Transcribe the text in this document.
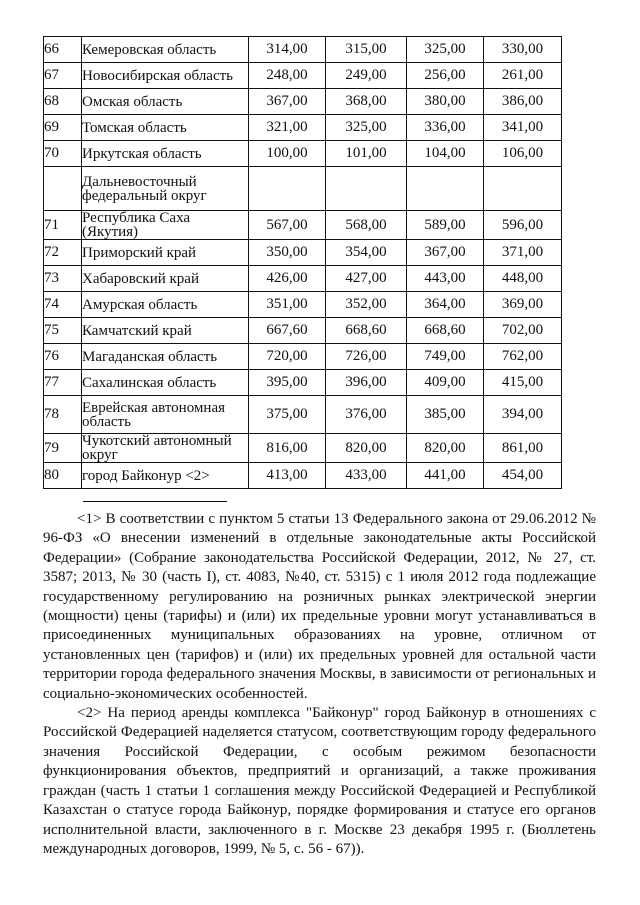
66	Кемеровская область	314,00	315,00	325,00	330,00
67	Новосибирская область	248,00	249,00	256,00	261,00
68	Омская область	367,00	368,00	380,00	386,00
69	Томская область	321,00	325,00	336,00	341,00
70	Иркутская область	100,00	101,00	104,00	106,00
	Дальневосточный федеральный округ				
71	Республика Саха (Якутия)	567,00	568,00	589,00	596,00
72	Приморский край	350,00	354,00	367,00	371,00
73	Хабаровский край	426,00	427,00	443,00	448,00
74	Амурская область	351,00	352,00	364,00	369,00
75	Камчатский край	667,60	668,60	668,60	702,00
76	Магаданская область	720,00	726,00	749,00	762,00
77	Сахалинская область	395,00	396,00	409,00	415,00
78	Еврейская автономная область	375,00	376,00	385,00	394,00
79	Чукотский автономный округ	816,00	820,00	820,00	861,00
80	город Байконур <2>	413,00	433,00	441,00	454,00

<1> В соответствии с пунктом 5 статьи 13 Федерального закона от 29.06.2012 № 96-ФЗ «О внесении изменений в отдельные законодательные акты Российской Федерации» (Собрание законодательства Российской Федерации, 2012, № 27, ст. 3587; 2013, № 30 (часть I), ст. 4083, №40, ст. 5315) с 1 июля 2012 года подлежащие государственному регулированию на розничных рынках электрической энергии (мощности) цены (тарифы) и (или) их предельные уровни могут устанавливаться в присоединенных муниципальных образованиях на уровне, отличном от установленных цен (тарифов) и (или) их предельных уровней для остальной части территории города федерального значения Москвы, в зависимости от региональных и социально-экономических особенностей.

<2> На период аренды комплекса "Байконур" город Байконур в отношениях с Российской Федерацией наделяется статусом, соответствующим городу федерального значения Российской Федерации, с особым режимом безопасности функционирования объектов, предприятий и организаций, а также проживания граждан (часть 1 статьи 1 соглашения между Российской Федерацией и Республикой Казахстан о статусе города Байконур, порядке формирования и статусе его органов исполнительной власти, заключенного в г. Москве 23 декабря 1995 г. (Бюллетень международных договоров, 1999, № 5, с. 56 - 67)).
